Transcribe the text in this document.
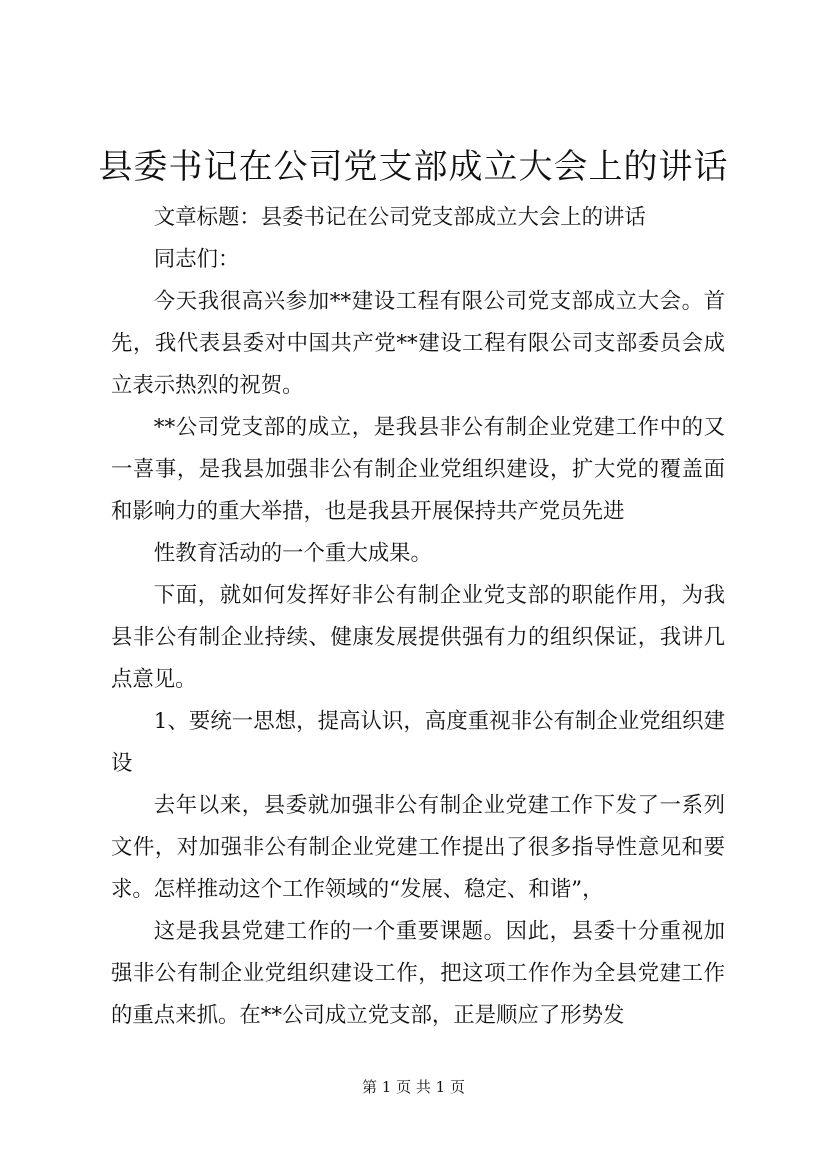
县委书记在公司党支部成立大会上的讲话

文章标题：县委书记在公司党支部成立大会上的讲话

同志们：

今天我很高兴参加**建设工程有限公司党支部成立大会。首先，我代表县委对中国共产党**建设工程有限公司支部委员会成立表示热烈的祝贺。

**公司党支部的成立，是我县非公有制企业党建工作中的又一喜事，是我县加强非公有制企业党组织建设，扩大党的覆盖面和影响力的重大举措，也是我县开展保持共产党员先进

性教育活动的一个重大成果。

下面，就如何发挥好非公有制企业党支部的职能作用，为我县非公有制企业持续、健康发展提供强有力的组织保证，我讲几点意见。

1、要统一思想，提高认识，高度重视非公有制企业党组织建设

去年以来，县委就加强非公有制企业党建工作下发了一系列文件，对加强非公有制企业党建工作提出了很多指导性意见和要求。怎样推动这个工作领域的“发展、稳定、和谐”，

这是我县党建工作的一个重要课题。因此，县委十分重视加强非公有制企业党组织建设工作，把这项工作作为全县党建工作的重点来抓。在**公司成立党支部，正是顺应了形势发

第 1 页 共 1 页
